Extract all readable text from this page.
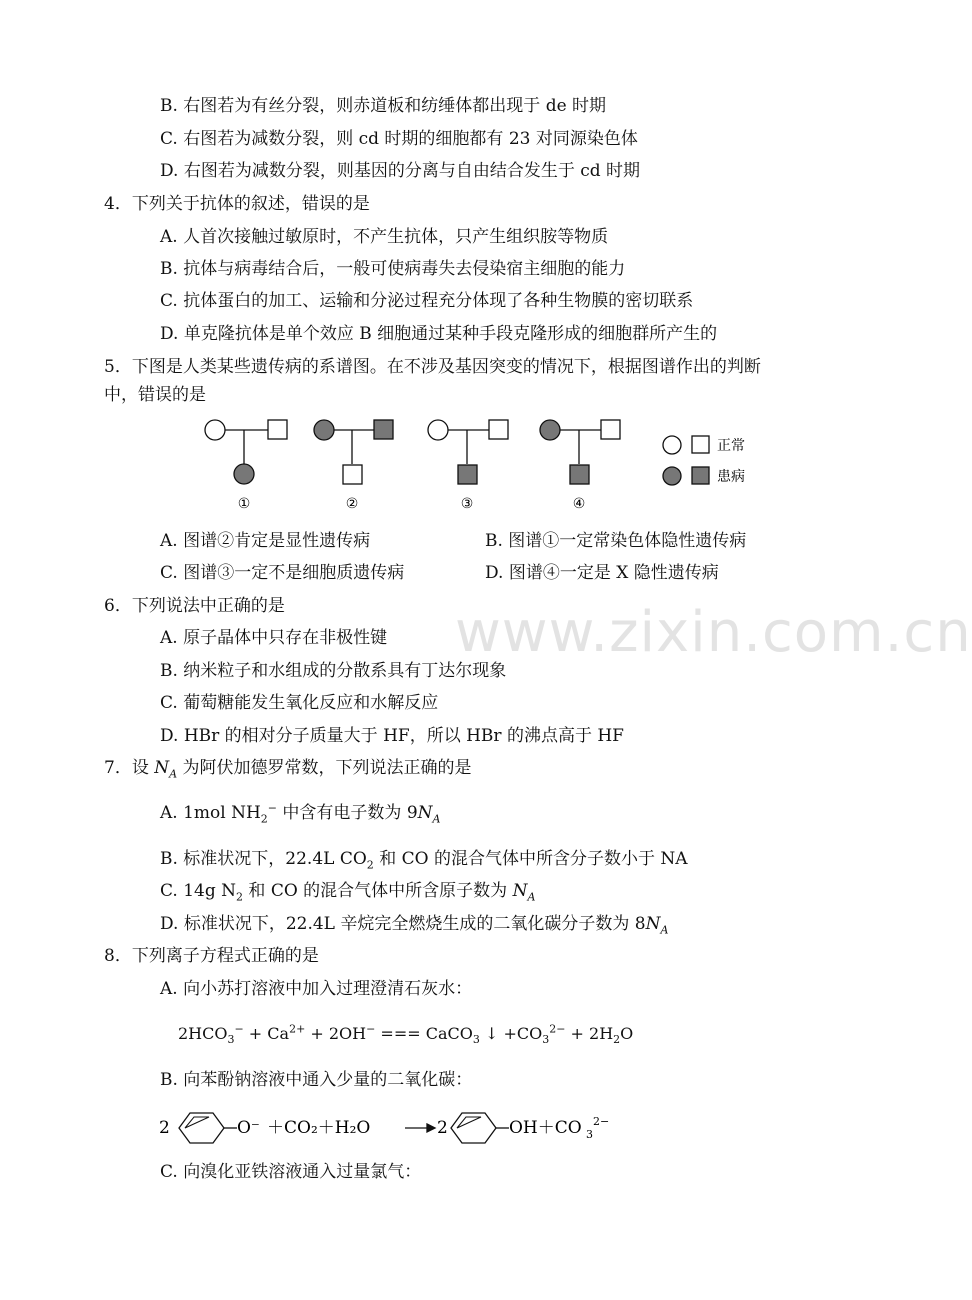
www.zixin.com.cn
B. 右图若为有丝分裂，则赤道板和纺缍体都出现于 de 时期
C. 右图若为减数分裂，则 cd 时期的细胞都有 23 对同源染色体
D. 右图若为减数分裂，则基因的分离与自由结合发生于 cd 时期
4．下列关于抗体的叙述，错误的是
A. 人首次接触过敏原时，不产生抗体，只产生组织胺等物质
B. 抗体与病毒结合后，一般可使病毒失去侵染宿主细胞的能力
C. 抗体蛋白的加工、运输和分泌过程充分体现了各种生物膜的密切联系
D. 单克隆抗体是单个效应 B 细胞通过某种手段克隆形成的细胞群所产生的
5．下图是人类某些遗传病的系谱图。在不涉及基因突变的情况下，根据图谱作出的判断
中，错误的是
①	②	③	④
正常
患病
A. 图谱②肯定是显性遗传病	B. 图谱①一定常染色体隐性遗传病
C. 图谱③一定不是细胞质遗传病	D. 图谱④一定是 X 隐性遗传病
6．下列说法中正确的是
A. 原子晶体中只存在非极性键
B. 纳米粒子和水组成的分散系具有丁达尔现象
C. 葡萄糖能发生氧化反应和水解反应
D. HBr 的相对分子质量大于 HF，所以 HBr 的沸点高于 HF
7．设 $N_A$ 为阿伏加德罗常数，下列说法正确的是
A. 1mol $NH_2^-$ 中含有电子数为 $9N_A$
B. 标准状况下，22.4L $CO_2$ 和 CO 的混合气体中所含分子数小于 NA
C. 14g $N_2$ 和 CO 的混合气体中所含原子数为 $N_A$
D. 标准状况下，22.4L 辛烷完全燃烧生成的二氧化碳分子数为 $8N_A$
8．下列离子方程式正确的是
A. 向小苏打溶液中加入过理澄清石灰水：
$2HCO_3^- + Ca^{2+} + 2OH^-$ === CaCO$_3$ ↓ $+CO_3^{2-} + 2H_2O$
B. 向苯酚钠溶液中通入少量的二氧化碳：
2	O⁻ ＋CO₂＋H₂O	2	OH＋CO 3
2−
C. 向溴化亚铁溶液通入过量氯气：
